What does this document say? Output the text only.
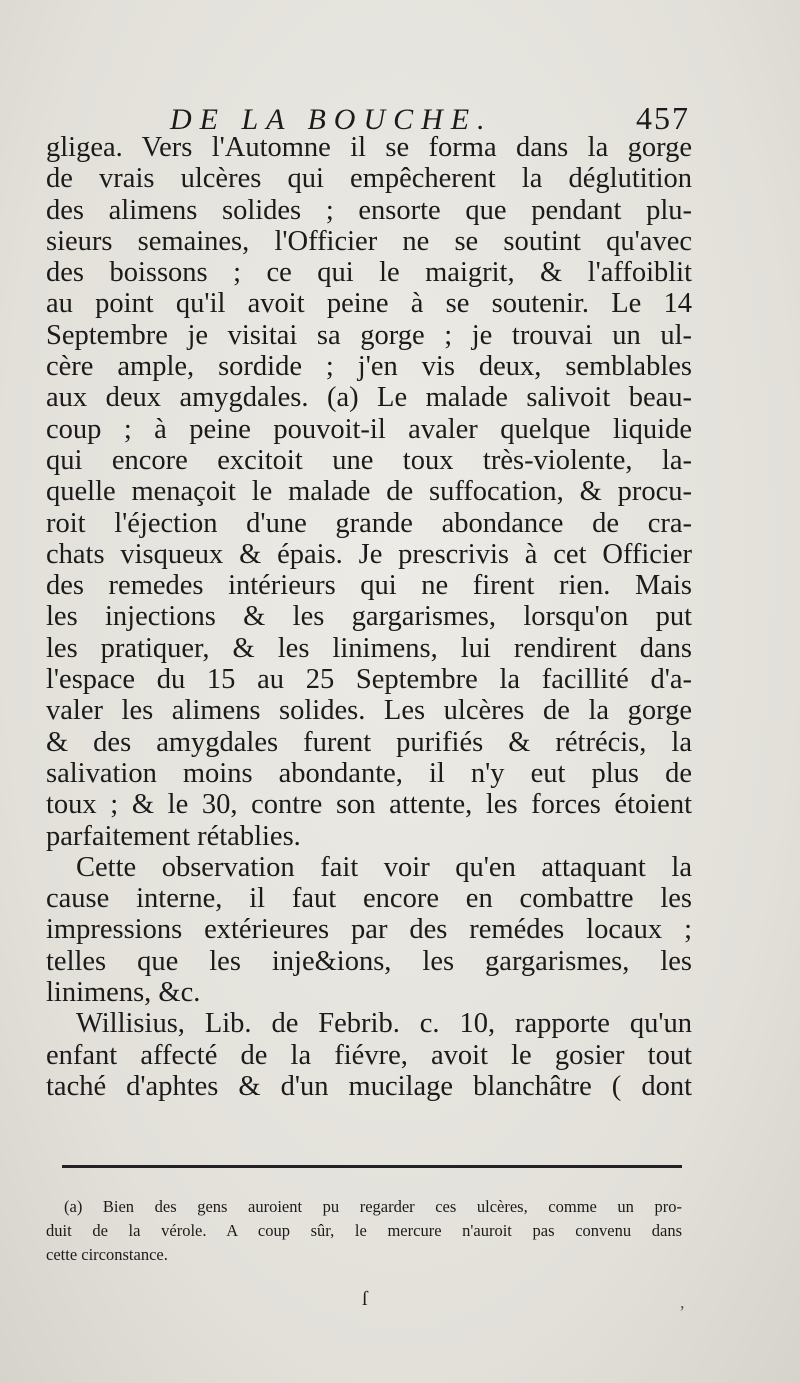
DE LA BOUCHE.	457
gligea. Vers l'Automne il se forma dans la gorge
de vrais ulcères qui empêcherent la déglutition
des alimens solides ; ensorte que pendant plu-
sieurs semaines, l'Officier ne se soutint qu'avec
des boissons ; ce qui le maigrit, & l'affoiblit
au point qu'il avoit peine à se soutenir. Le 14
Septembre je visitai sa gorge ; je trouvai un ul-
cère ample, sordide ; j'en vis deux, semblables
aux deux amygdales. (a) Le malade salivoit beau-
coup ; à peine pouvoit-il avaler quelque liquide
qui encore excitoit une toux très-violente, la-
quelle menaçoit le malade de suffocation, & procu-
roit l'éjection d'une grande abondance de cra-
chats visqueux & épais. Je prescrivis à cet Officier
des remedes intérieurs qui ne firent rien. Mais
les injections & les gargarismes, lorsqu'on put
les pratiquer, & les linimens, lui rendirent dans
l'espace du 15 au 25 Septembre la facillité d'a-
valer les alimens solides. Les ulcères de la gorge
& des amygdales furent purifiés & rétrécis, la
salivation moins abondante, il n'y eut plus de
toux ; & le 30, contre son attente, les forces étoient
parfaitement rétablies.
Cette observation fait voir qu'en attaquant la
cause interne, il faut encore en combattre les
impressions extérieures par des remédes locaux ;
telles que les inje&ions, les gargarismes, les
linimens, &c.
Willisius, Lib. de Febrib. c. 10, rapporte qu'un
enfant affecté de la fiévre, avoit le gosier tout
taché d'aphtes & d'un mucilage blanchâtre ( dont
(a) Bien des gens auroient pu regarder ces ulcères, comme un pro-
duit de la vérole. A coup sûr, le mercure n'auroit pas convenu dans
cette circonstance.
ſ	,
